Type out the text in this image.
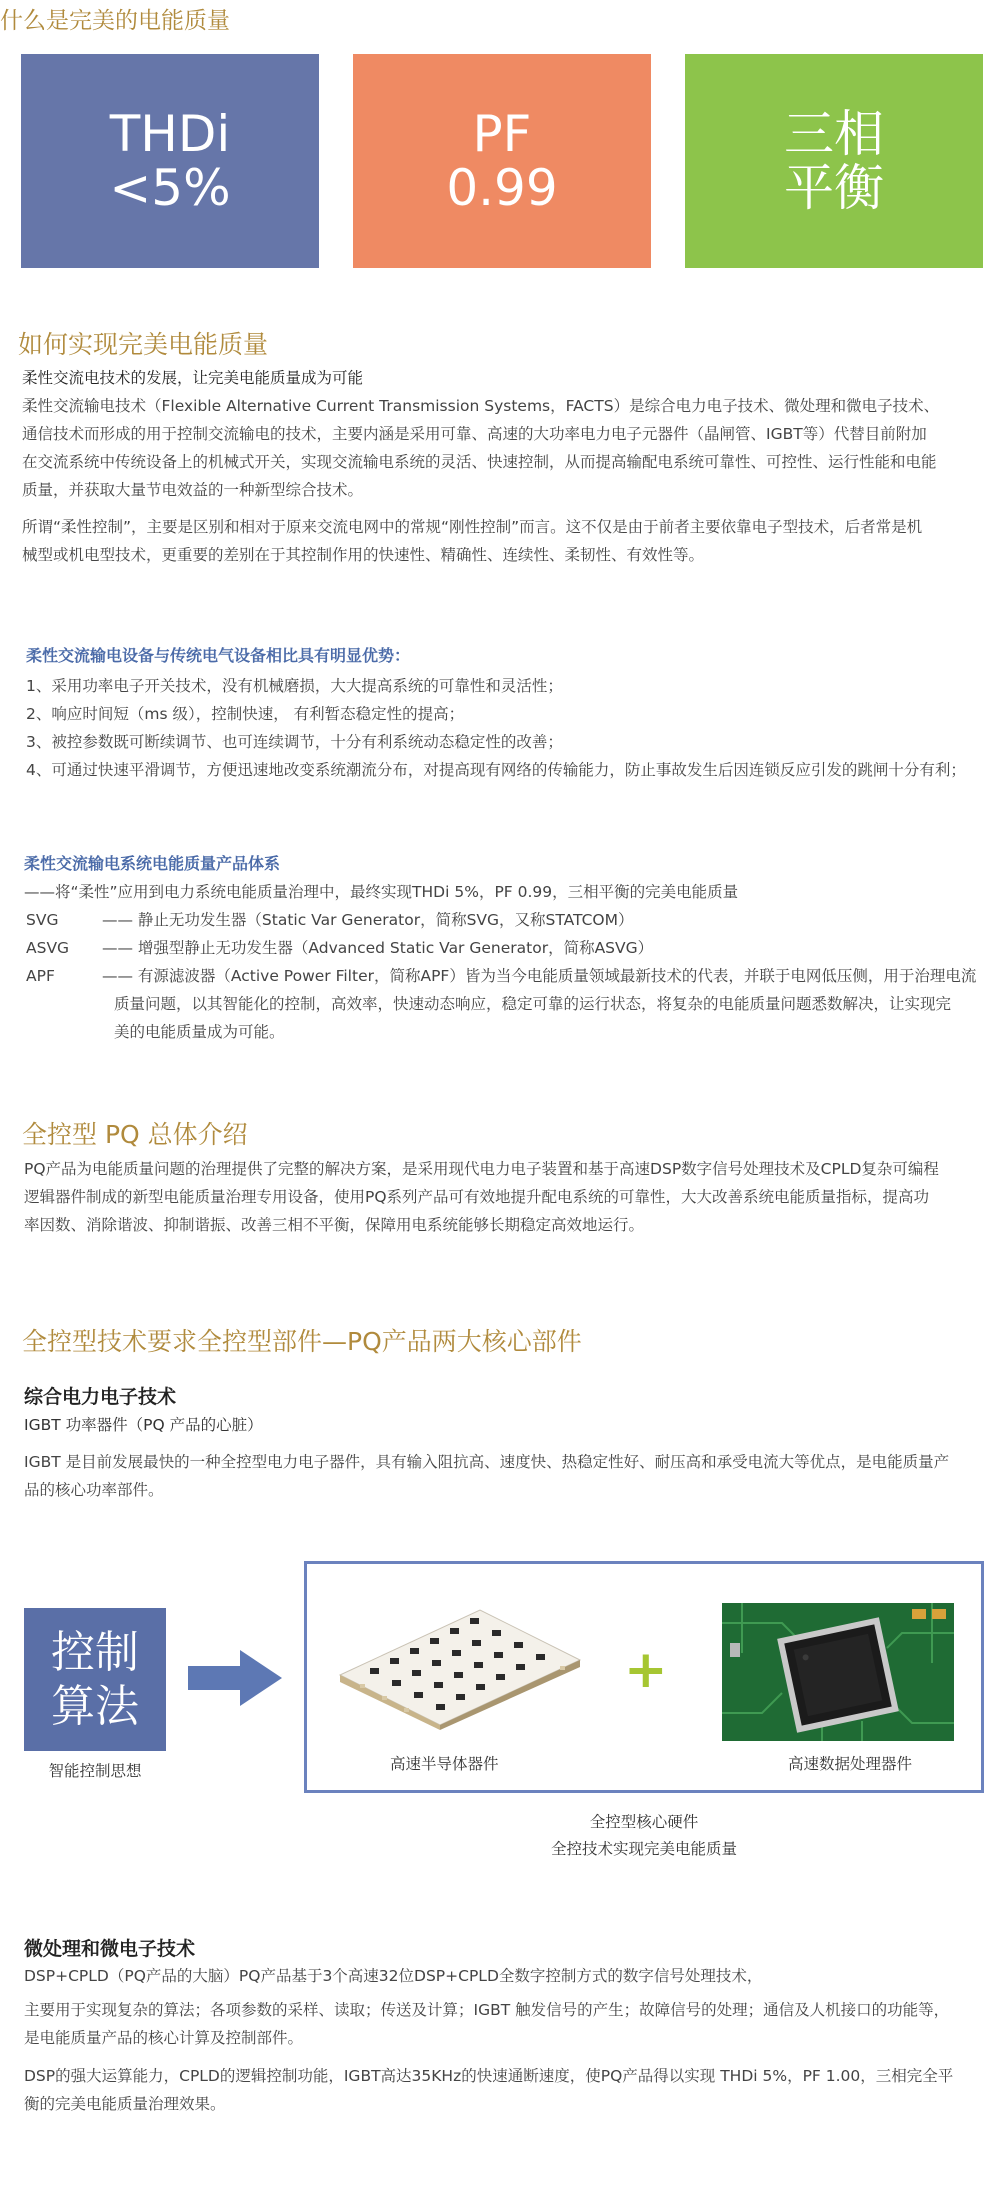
什么是完美的电能质量
THDi
<5%
PF
0.99
三相
平衡
如何实现完美电能质量
柔性交流电技术的发展，让完美电能质量成为可能
柔性交流输电技术（Flexible Alternative Current Transmission Systems，FACTS）是综合电力电子技术、微处理和微电子技术、
通信技术而形成的用于控制交流输电的技术，主要内涵是采用可靠、高速的大功率电力电子元器件（晶闸管、IGBT等）代替目前附加
在交流系统中传统设备上的机械式开关，实现交流输电系统的灵活、快速控制，从而提高输配电系统可靠性、可控性、运行性能和电能
质量，并获取大量节电效益的一种新型综合技术。
所谓“柔性控制”，主要是区别和相对于原来交流电网中的常规“刚性控制”而言。这不仅是由于前者主要依靠电子型技术，后者常是机
械型或机电型技术，更重要的差别在于其控制作用的快速性、精确性、连续性、柔韧性、有效性等。
柔性交流输电设备与传统电气设备相比具有明显优势：
1、采用功率电子开关技术，没有机械磨损，大大提高系统的可靠性和灵活性；
2、响应时间短（ms 级），控制快速， 有利暂态稳定性的提高；
3、被控参数既可断续调节、也可连续调节，十分有利系统动态稳定性的改善；
4、可通过快速平滑调节，方便迅速地改变系统潮流分布，对提高现有网络的传输能力，防止事故发生后因连锁反应引发的跳闸十分有利；
柔性交流输电系统电能质量产品体系
——将“柔性”应用到电力系统电能质量治理中，最终实现THDi 5%，PF 0.99，三相平衡的完美电能质量
SVG	—— 静止无功发生器（Static Var Generator，简称SVG，又称STATCOM）
ASVG —— 增强型静止无功发生器（Advanced Static Var Generator，简称ASVG）
APF	—— 有源滤波器（Active Power Filter，简称APF）皆为当今电能质量领域最新技术的代表，并联于电网低压侧，用于治理电流
质量问题，以其智能化的控制，高效率，快速动态响应，稳定可靠的运行状态，将复杂的电能质量问题悉数解决，让实现完
美的电能质量成为可能。
全控型 PQ 总体介绍
PQ产品为电能质量问题的治理提供了完整的解决方案，是采用现代电力电子装置和基于高速DSP数字信号处理技术及CPLD复杂可编程
逻辑器件制成的新型电能质量治理专用设备，使用PQ系列产品可有效地提升配电系统的可靠性，大大改善系统电能质量指标，提高功
率因数、消除谐波、抑制谐振、改善三相不平衡，保障用电系统能够长期稳定高效地运行。
全控型技术要求全控型部件—PQ产品两大核心部件
综合电力电子技术
IGBT 功率器件（PQ 产品的心脏）
IGBT 是目前发展最快的一种全控型电力电子器件，具有输入阻抗高、速度快、热稳定性好、耐压高和承受电流大等优点，是电能质量产
品的核心功率部件。
控制
算法
智能控制思想	高速半导体器件
+
高速数据处理器件
全控型核心硬件
全控技术实现完美电能质量
微处理和微电子技术
DSP+CPLD（PQ产品的大脑）PQ产品基于3个高速32位DSP+CPLD全数字控制方式的数字信号处理技术，
主要用于实现复杂的算法；各项参数的采样、读取；传送及计算；IGBT 触发信号的产生；故障信号的处理；通信及人机接口的功能等，
是电能质量产品的核心计算及控制部件。
DSP的强大运算能力，CPLD的逻辑控制功能，IGBT高达35KHz的快速通断速度，使PQ产品得以实现 THDi 5%，PF 1.00，三相完全平
衡的完美电能质量治理效果。
